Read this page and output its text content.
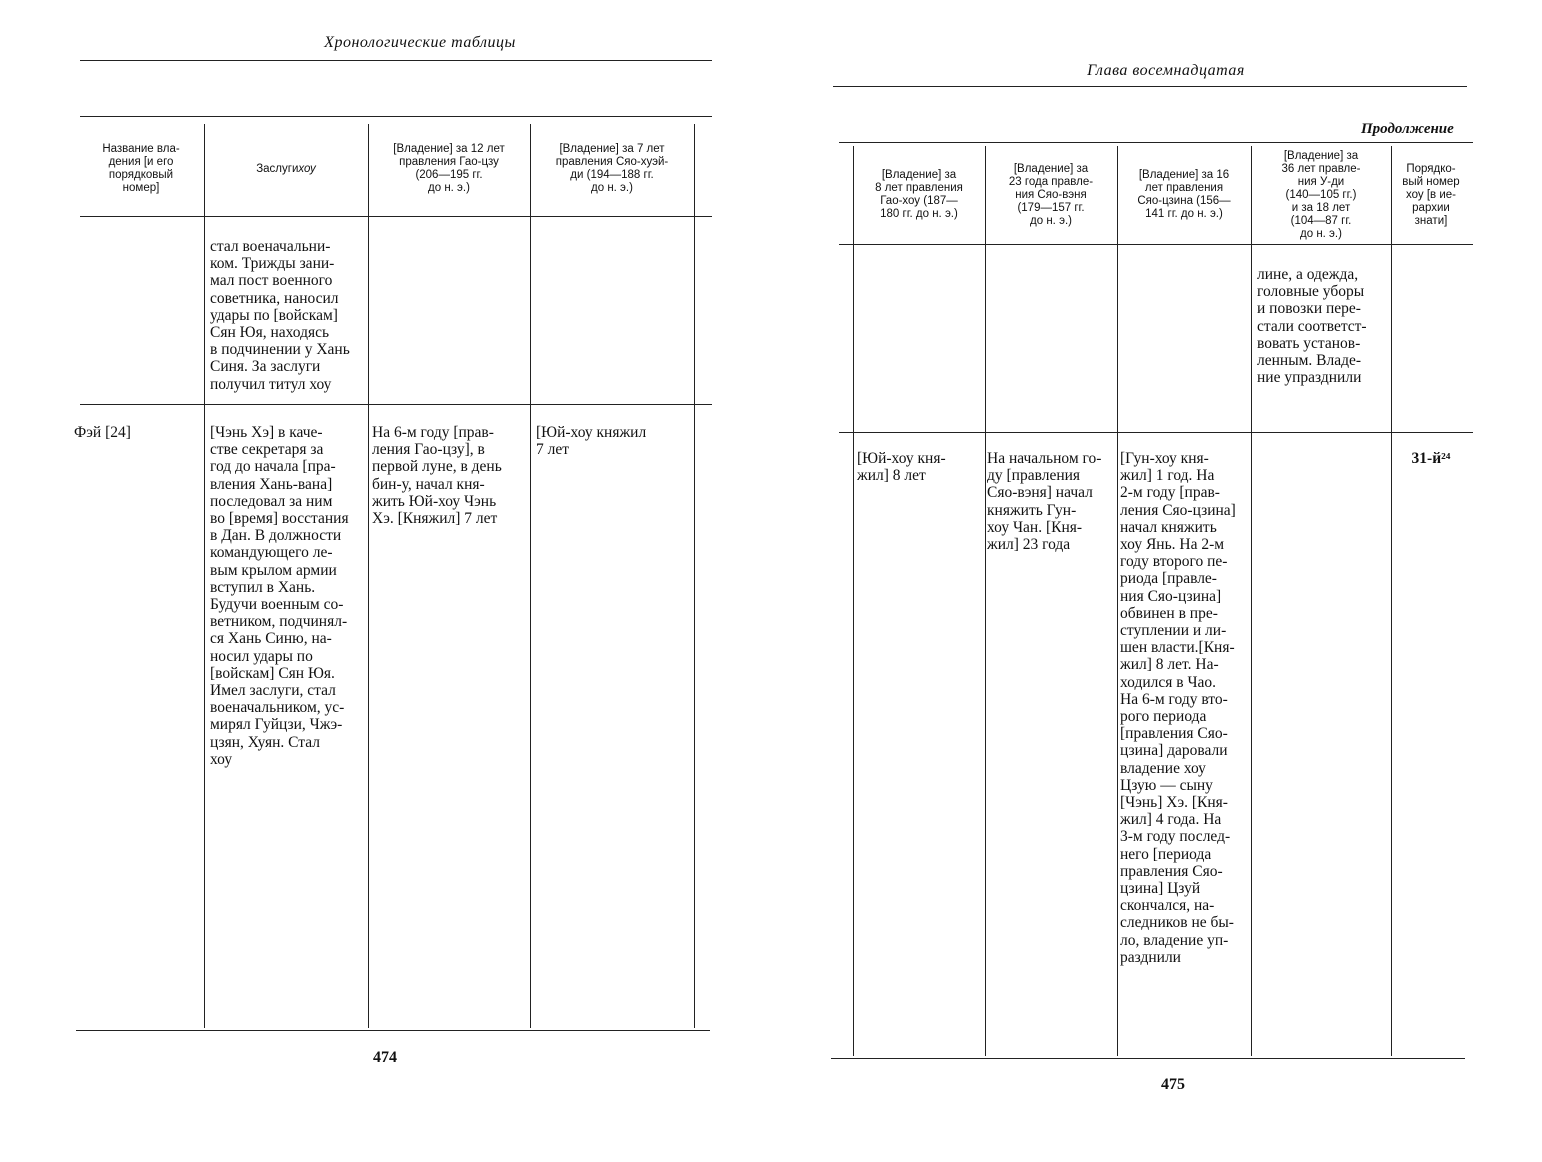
Хронологические таблицы
Название вла-
дения [и его
порядковый
номер]
Заслуги хоу
[Владение] за 12 лет
правления Гао-цзу
(206—195 гг.
до н. э.)
[Владение] за 7 лет
правления Сяо-хуэй-
ди (194—188 гг.
до н. э.)
стал военачальни-
ком. Трижды зани-
мал пост военного
советника, наносил
удары по [войскам]
Сян Юя, находясь
в подчинении у Хань
Синя. За заслуги
получил титул хоу
Фэй [24]	[Чэнь Хэ] в каче-
стве секретаря за
год до начала [пра-
вления Хань-вана]
последовал за ним
во [время] восстания
в Дан. В должности
командующего ле-
вым крылом армии
вступил в Хань.
Будучи военным со-
ветником, подчинял-
ся Хань Синю, на-
носил удары по
[войскам] Сян Юя.
Имел заслуги, стал
военачальником, ус-
мирял Гуйцзи, Чжэ-
цзян, Хуян. Стал
хоу
На 6-м году [прав-
ления Гао-цзу], в
первой луне, в день
бин-у, начал кня-
жить Юй-хоу Чэнь
Хэ. [Княжил] 7 лет
[Юй-хоу княжил
7 лет
474
Глава восемнадцатая
Продолжение
[Владение] за
8 лет правления
Гао-хоу (187—
180 гг. до н. э.)
[Владение] за
23 года правле-
ния Сяо-вэня
(179—157 гг.
до н. э.)
[Владение] за 16
лет правления
Сяо-цзина (156—
141 гг. до н. э.)
[Владение] за
36 лет правле-
ния У-ди
(140—105 гг.)
и за 18 лет
(104—87 гг.
до н. э.)
Порядко-
вый номер
хоу [в ие-
рархии
знати]
лине, а одежда,
головные уборы
и повозки пере-
стали соответст-
вовать установ-
ленным. Владе-
ние упразднили
[Юй-хоу кня-
жил] 8 лет
На начальном го-
ду [правления
Сяо-вэня] начал
княжить Гун-
хоу Чан. [Кня-
жил] 23 года
[Гун-хоу кня-
жил] 1 год. На
2-м году [прав-
ления Сяо-цзина]
начал княжить
хоу Янь. На 2-м
году второго пе-
риода [правле-
ния Сяо-цзина]
обвинен в пре-
ступлении и ли-
шен власти.[Кня-
жил] 8 лет. На-
ходился в Чао.
На 6-м году вто-
рого периода
[правления Сяо-
цзина] даровали
владение хоу
Цзую — сыну
[Чэнь] Хэ. [Кня-
жил] 4 года. На
3-м году послед-
него [периода
правления Сяо-
цзина] Цзуй
скончался, на-
следников не бы-
ло, владение уп-
разднили
31-й²⁴
475
